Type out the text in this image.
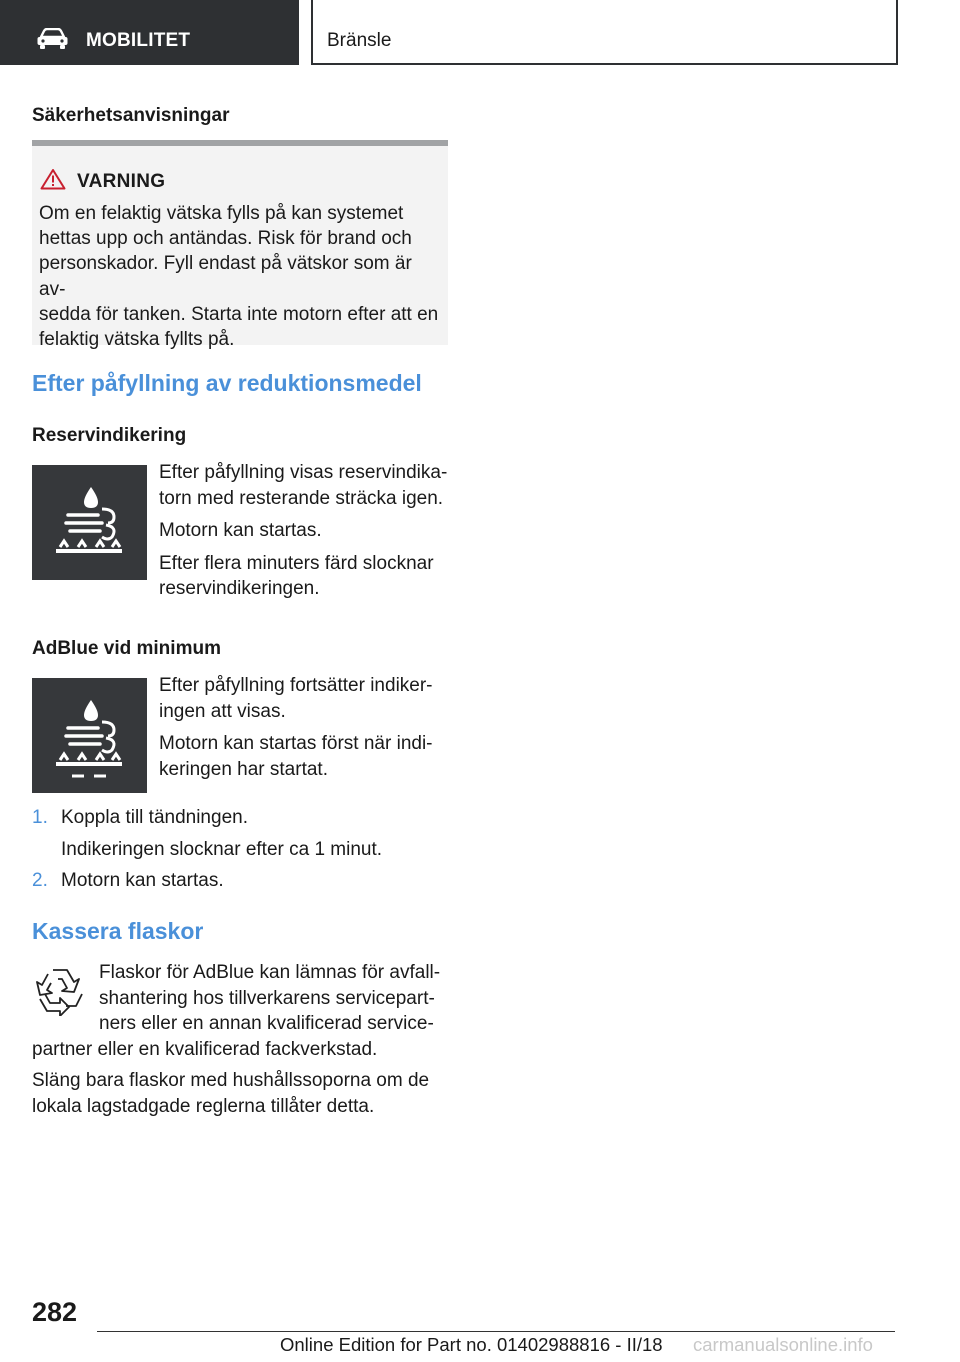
MOBILITET	Bränsle

Säkerhetsanvisningar

VARNING
Om en felaktig vätska fylls på kan systemet
hettas upp och antändas. Risk för brand och
personskador. Fyll endast på vätskor som är av-
sedda för tanken. Starta inte motorn efter att en
felaktig vätska fyllts på.
Efter påfyllning av reduktionsmedel

Reservindikering

Efter påfyllning visas reservindika-
torn med resterande sträcka igen.
Motorn kan startas.
Efter flera minuters färd slocknar
reservindikeringen.

AdBlue vid minimum

Efter påfyllning fortsätter indiker-
ingen att visas.
Motorn kan startas först när indi-
keringen har startat.
1. Koppla till tändningen.
Indikeringen slocknar efter ca 1 minut.
2. Motorn kan startas.
Kassera flaskor
Flaskor för AdBlue kan lämnas för avfall-
shantering hos tillverkarens servicepart-
ners eller en annan kvalificerad service-
partner eller en kvalificerad fackverkstad.
Släng bara flaskor med hushållssoporna om de
lokala lagstadgade reglerna tillåter detta.
282
Online Edition for Part no. 01402988816 - II/18 carmanualsonline.info
